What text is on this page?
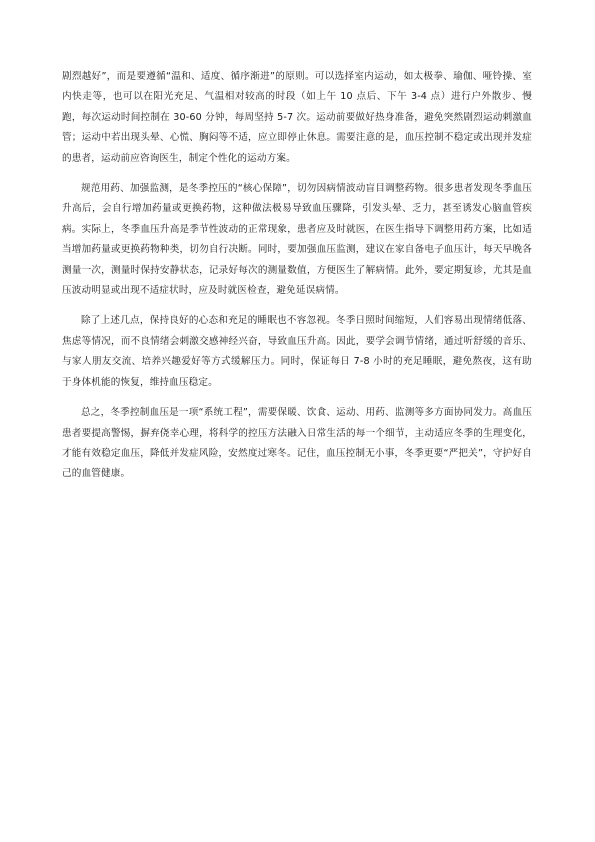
剧烈越好”，而是要遵循“温和、适度、循序渐进”的原则。可以选择室内运动，如太极拳、瑜伽、哑铃操、室内快走等，也可以在阳光充足、气温相对较高的时段（如上午 10 点后、下午 3-4 点）进行户外散步、慢跑，每次运动时间控制在 30-60 分钟，每周坚持 5-7 次。运动前要做好热身准备，避免突然剧烈运动刺激血管；运动中若出现头晕、心慌、胸闷等不适，应立即停止休息。需要注意的是，血压控制不稳定或出现并发症的患者，运动前应咨询医生，制定个性化的运动方案。

规范用药、加强监测，是冬季控压的“核心保障”，切勿因病情波动盲目调整药物。很多患者发现冬季血压升高后，会自行增加药量或更换药物，这种做法极易导致血压骤降，引发头晕、乏力，甚至诱发心脑血管疾病。实际上，冬季血压升高是季节性波动的正常现象，患者应及时就医，在医生指导下调整用药方案，比如适当增加药量或更换药物种类，切勿自行决断。同时，要加强血压监测，建议在家自备电子血压计，每天早晚各测量一次，测量时保持安静状态，记录好每次的测量数值，方便医生了解病情。此外，要定期复诊，尤其是血压波动明显或出现不适症状时，应及时就医检查，避免延误病情。

除了上述几点，保持良好的心态和充足的睡眠也不容忽视。冬季日照时间缩短，人们容易出现情绪低落、焦虑等情况，而不良情绪会刺激交感神经兴奋，导致血压升高。因此，要学会调节情绪，通过听舒缓的音乐、与家人朋友交流、培养兴趣爱好等方式缓解压力。同时，保证每日 7-8 小时的充足睡眠，避免熬夜，这有助于身体机能的恢复，维持血压稳定。

总之，冬季控制血压是一项“系统工程”，需要保暖、饮食、运动、用药、监测等多方面协同发力。高血压患者要提高警惕，摒弃侥幸心理，将科学的控压方法融入日常生活的每一个细节，主动适应冬季的生理变化，才能有效稳定血压，降低并发症风险，安然度过寒冬。记住，血压控制无小事，冬季更要“严把关”，守护好自己的血管健康。
